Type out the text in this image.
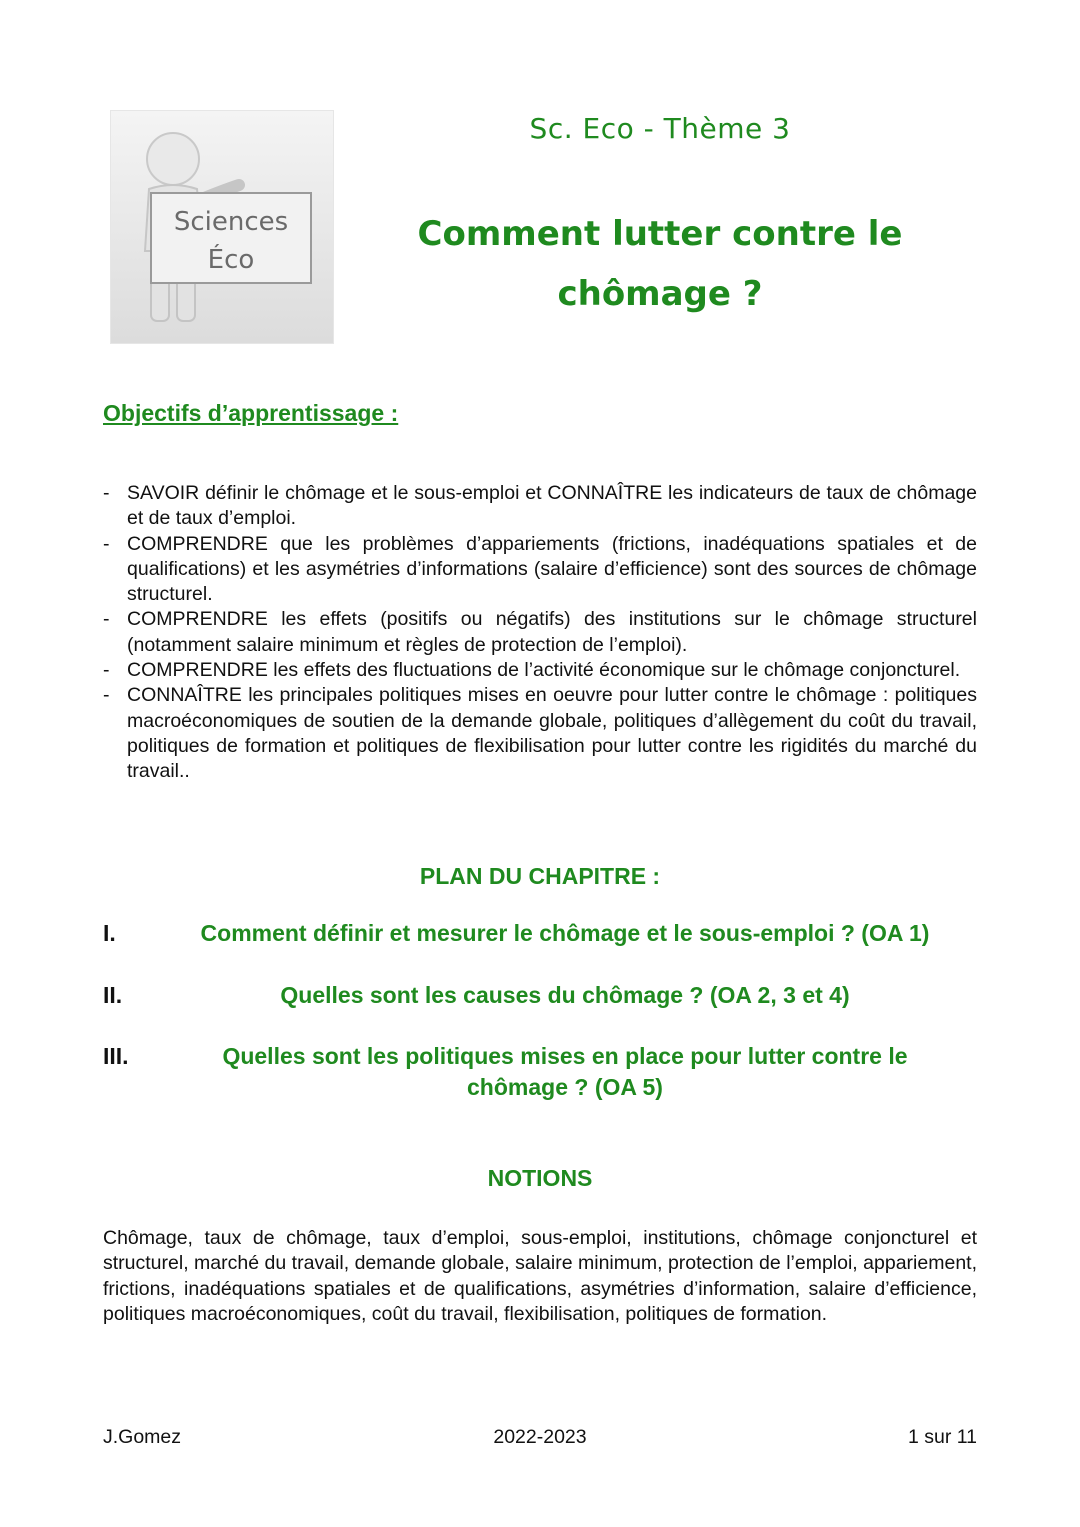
Sciences
Éco
Sc. Eco - Thème 3
Comment lutter contre le chômage ?
Objectifs d’apprentissage :
- SAVOIR définir le chômage et le sous-emploi et CONNAÎTRE les indicateurs de taux de chômage et de taux d’emploi.
- COMPRENDRE que les problèmes d’appariements (frictions, inadéquations spatiales et de qualifications) et les asymétries d’informations (salaire d’efficience) sont des sources de chômage structurel.
- COMPRENDRE les effets (positifs ou négatifs) des institutions sur le chômage structurel (notamment salaire minimum et règles de protection de l’emploi).
- COMPRENDRE les effets des fluctuations de l’activité économique sur le chômage conjoncturel.
- CONNAÎTRE les principales politiques mises en oeuvre pour lutter contre le chômage : politiques macroéconomiques de soutien de la demande globale, politiques d’allègement du coût du travail, politiques de formation et politiques de flexibilisation pour lutter contre les rigidités du marché du travail..
PLAN DU CHAPITRE :
I.	Comment définir et mesurer le chômage et le sous-emploi ? (OA 1)
II.	Quelles sont les causes du chômage ? (OA 2, 3 et 4)
III.	Quelles sont les politiques mises en place pour lutter contre le chômage ? (OA 5)
NOTIONS
Chômage, taux de chômage, taux d’emploi, sous-emploi, institutions, chômage conjoncturel et structurel, marché du travail, demande globale, salaire minimum, protection de l’emploi, appariement, frictions, inadéquations spatiales et de qualifications, asymétries d’information, salaire d’efficience, politiques macroéconomiques, coût du travail, flexibilisation, politiques de formation.
J.Gomez	2022-2023	1 sur 11
